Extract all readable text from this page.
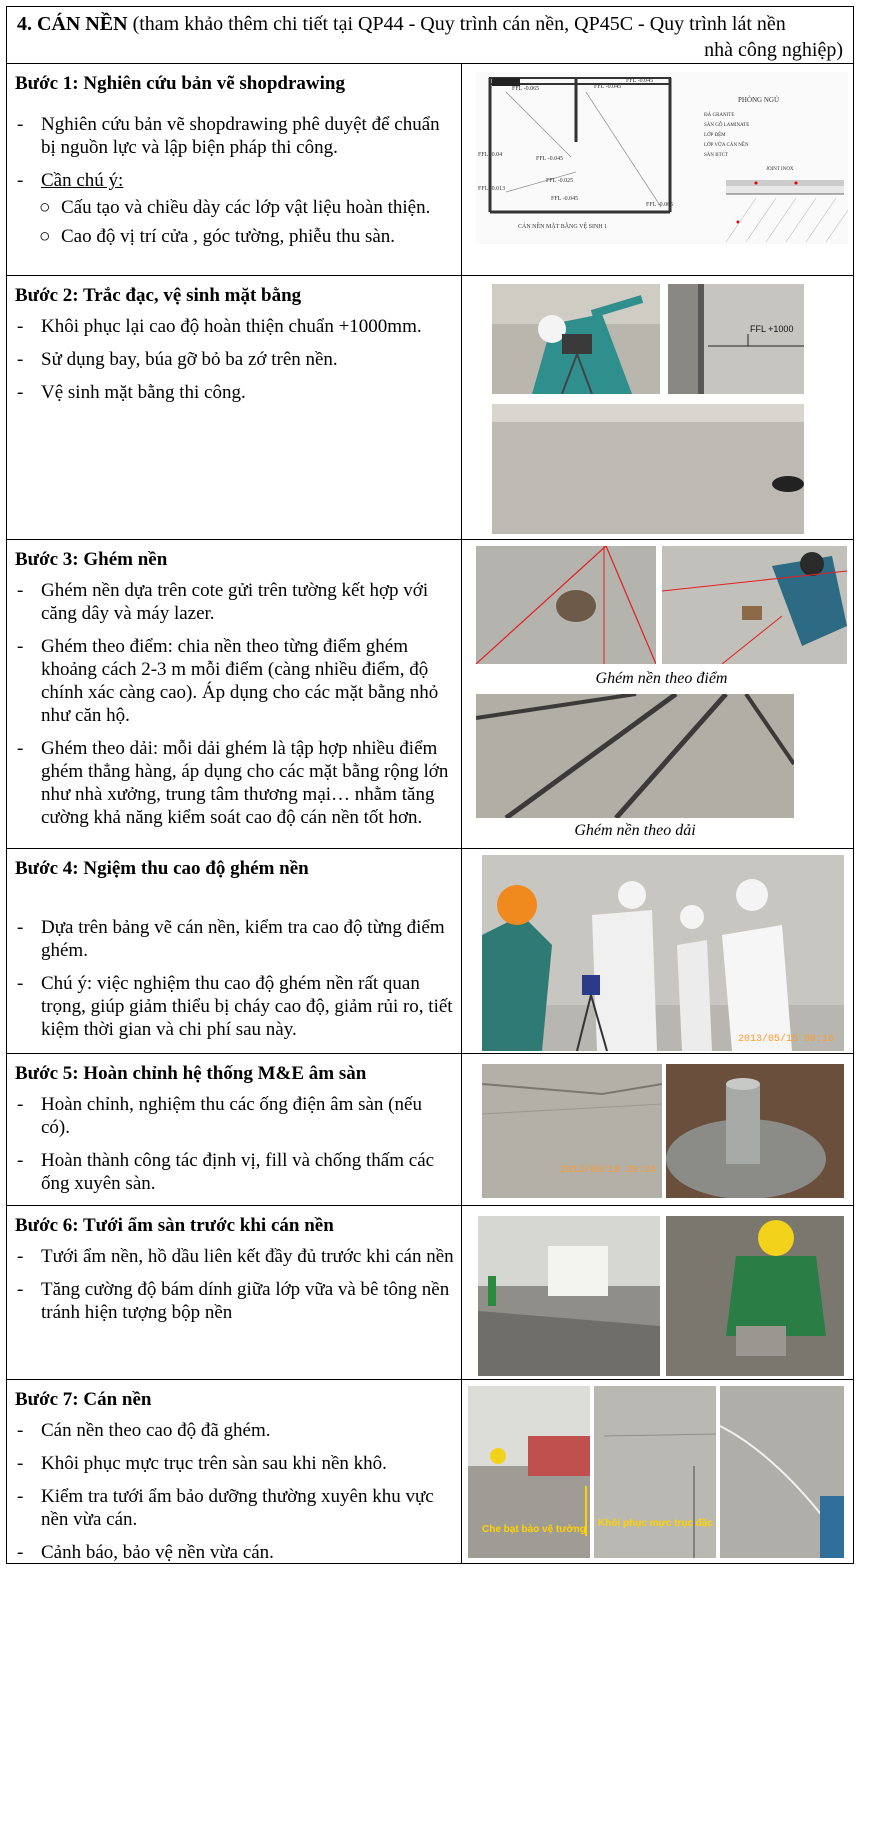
4. CÁN NỀN (tham khảo thêm chi tiết tại QP44 - Quy trình cán nền, QP45C - Quy trình lát nền
nhà công nghiệp)
Bước 1: Nghiên cứu bản vẽ shopdrawing
- Nghiên cứu bản vẽ shopdrawing phê duyệt để chuẩn bị nguồn lực và lập biện pháp thi công.
- Cần chú ý:
○ Cấu tạo và chiều dày các lớp vật liệu hoàn thiện.
○ Cao độ vị trí cửa , góc tường, phiễu thu sàn.
FFL -0.065	FFL -0.045
FFL -0.045
FFL -0.045
FFL -0.04
FFL -0.025
FFL -0.013
FFL -0.045
FFL -0.065
CÁN NỀN MẶT BẰNG VỆ SINH 1
PHÒNG NGỦ
ĐÁ GRANITE
SÀN GỖ LAMINATE
LỚP ĐỆM
LỚP VỮA CÁN NỀN
SÀN BTCT
JOINT INOX
Bước 2: Trắc đạc, vệ sinh mặt bằng
- Khôi phục lại cao độ hoàn thiện chuẩn +1000mm.
- Sử dụng bay, búa gỡ bỏ ba zớ trên nền.
- Vệ sinh mặt bằng thi công.
FFL +1000
Bước 3: Ghém nền
- Ghém nền dựa trên cote gửi trên tường kết hợp với căng dây và máy lazer.
- Ghém theo điểm: chia nền theo từng điểm ghém khoảng cách 2-3 m mỗi điểm (càng nhiều điểm, độ chính xác càng cao). Áp dụng cho các mặt bằng nhỏ như căn hộ.
- Ghém theo dải: mỗi dải ghém là tập hợp nhiều điểm ghém thẳng hàng, áp dụng cho các mặt bằng rộng lớn như nhà xưởng, trung tâm thương mại… nhằm tăng cường khả năng kiểm soát cao độ cán nền tốt hơn.
Ghém nền theo điểm
Ghém nền theo dải
Bước 4: Ngiệm thu cao độ ghém nền
- Dựa trên bảng vẽ cán nền, kiểm tra cao độ từng điểm ghém.
- Chú ý: việc nghiệm thu cao độ ghém nền rất quan trọng, giúp giảm thiểu bị cháy cao độ, giảm rủi ro, tiết kiệm thời gian và chi phí sau này.	2013/05/15 09:16
Bước 5: Hoàn chỉnh hệ thống M&E âm sàn
- Hoàn chỉnh, nghiệm thu các ống điện âm sàn (nếu có).
- Hoàn thành công tác định vị, fill và chống thấm các ống xuyên sàn.
2013/06/18 20:24
Bước 6: Tưới ẩm sàn trước khi cán nền
- Tưới ẩm nền, hồ dầu liên kết đầy đủ trước khi cán nền
- Tăng cường độ bám dính giữa lớp vữa và bê tông nền tránh hiện tượng bộp nền
Bước 7: Cán nền
- Cán nền theo cao độ đã ghém.
- Khôi phục mực trục trên sàn sau khi nền khô.
- Kiểm tra tưới ẩm bảo dưỡng thường xuyên khu vực nền vừa cán.
- Cảnh báo, bảo vệ nền vừa cán.
Che bạt bảo vệ tường
Khôi phục mực trục đặc
